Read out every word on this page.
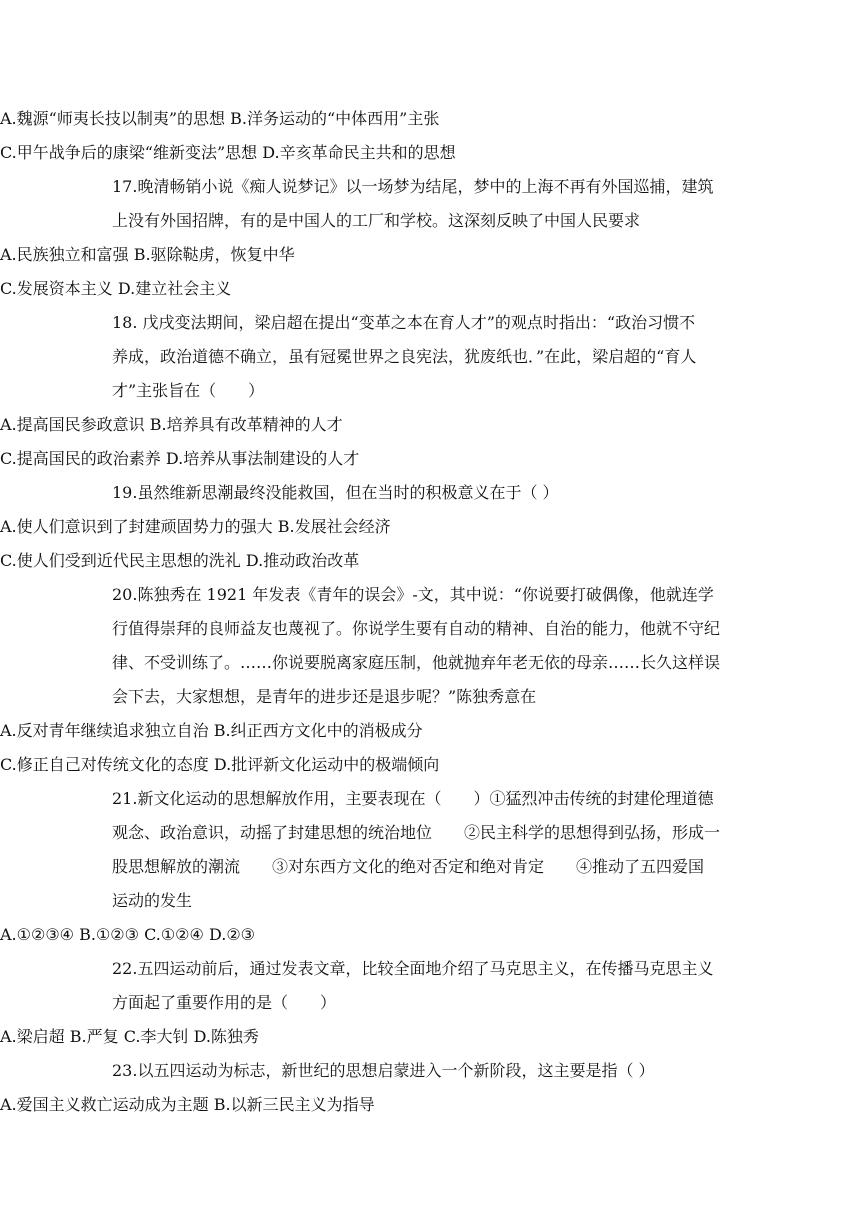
A.魏源“师夷长技以制夷”的思想 B.洋务运动的“中体西用”主张
C.甲午战争后的康梁“维新变法”思想 D.辛亥革命民主共和的思想
17.晚清畅销小说《痴人说梦记》以一场梦为结尾，梦中的上海不再有外国巡捕，建筑
上没有外国招牌，有的是中国人的工厂和学校。这深刻反映了中国人民要求
A.民族独立和富强 B.驱除鞑虏，恢复中华
C.发展资本主义 D.建立社会主义
18. 戊戌变法期间，梁启超在提出“变革之本在育人才”的观点时指出：“政治习惯不
养成，政治道德不确立，虽有冠冕世界之良宪法，犹废纸也．”在此，梁启超的“育人
才”主张旨在（　　）
A.提高国民参政意识 B.培养具有改革精神的人才
C.提高国民的政治素养 D.培养从事法制建设的人才
19.虽然维新思潮最终没能救国，但在当时的积极意义在于（ ）
A.使人们意识到了封建顽固势力的强大 B.发展社会经济
C.使人们受到近代民主思想的洗礼 D.推动政治改革
20.陈独秀在 1921 年发表《青年的误会》-文，其中说：“你说要打破偶像，他就连学
行值得崇拜的良师益友也蔑视了。你说学生要有自动的精神、自治的能力，他就不守纪
律、不受训练了。……你说要脱离家庭压制，他就抛弃年老无依的母亲……长久这样误
会下去，大家想想，是青年的进步还是退步呢？”陈独秀意在
A.反对青年继续追求独立自治 B.纠正西方文化中的消极成分
C.修正自己对传统文化的态度 D.批评新文化运动中的极端倾向
21.新文化运动的思想解放作用，主要表现在（　　）①猛烈冲击传统的封建伦理道德
观念、政治意识，动摇了封建思想的统治地位　　②民主科学的思想得到弘扬，形成一
股思想解放的潮流　　③对东西方文化的绝对否定和绝对肯定　　④推动了五四爱国
运动的发生
A.①②③④ B.①②③ C.①②④ D.②③
22.五四运动前后，通过发表文章，比较全面地介绍了马克思主义，在传播马克思主义
方面起了重要作用的是（　　）
A.梁启超 B.严复 C.李大钊 D.陈独秀
23.以五四运动为标志，新世纪的思想启蒙进入一个新阶段，这主要是指（ ）
A.爱国主义救亡运动成为主题 B.以新三民主义为指导
